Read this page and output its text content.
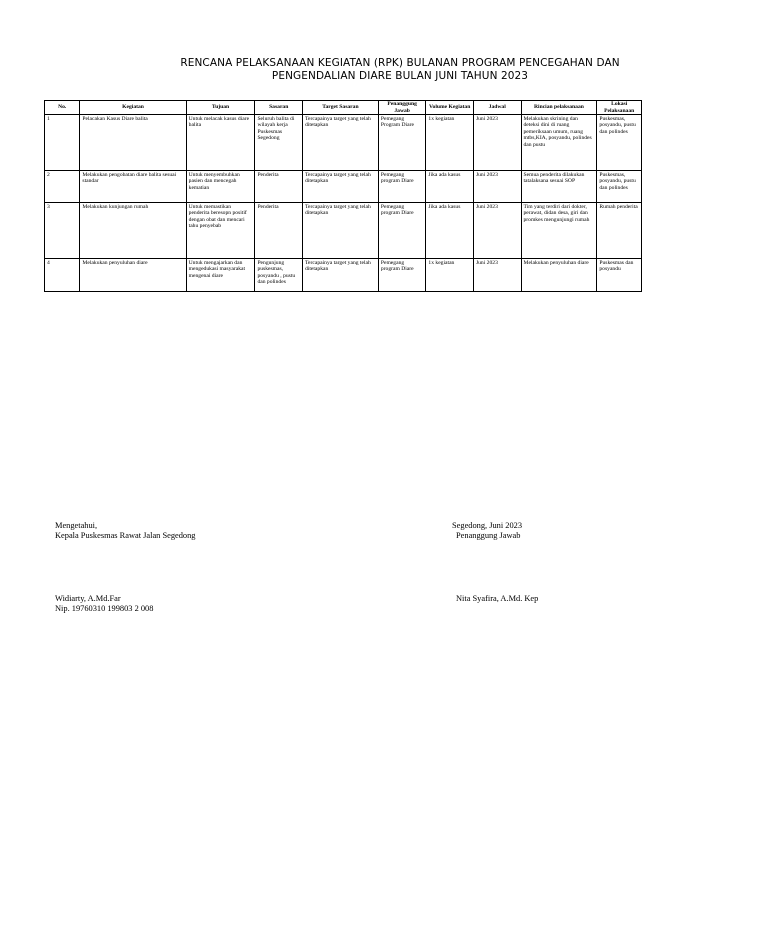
RENCANA PELAKSANAAN KEGIATAN (RPK) BULANAN PROGRAM PENCEGAHAN DAN
PENGENDALIAN DIARE BULAN JUNI TAHUN 2023
No.	Kegiatan	Tujuan	Sasaran	Target Sasaran	Penanggung Jawab	Volume Kegiatan	Jadwal	Rincian pelaksanaan	Lokasi Pelaksanaan
1	Pelacakan Kasus Diare balita	Untuk melacak kasus diare balita	Seluruh balita di wilayah kerja Puskesmas Segedong	Tercapainya target yang telah ditetapkan	Pemegang Program Diare	1x kegiatan	Juni 2023	Melakukan skrining dan deteksi dini di ruang pemeriksaan umum, ruang mtbs,KIA, posyandu, polindes dan pustu	Puskesmas, posyandu, pustu dan polindes
2	Melakukan pengobatan diare balita sesuai standar	Untuk menyembuhkan pasien dan mencegah kematian	Penderita	Tercapainya target yang telah ditetapkan	Pemegang program Diare	Jika ada kasus	Juni 2023	Semua penderita dilakukan tatalaksana sesuai SOP	Puskesmas, posyandu, pustu dan polindes
3	Melakukan kunjungan rumah	Untuk memastikan penderita beresopn positif dengan obat dan mencari tahu penyebab	Penderita	Tercapainya target yang telah ditetapkan	Pemegang program Diare	Jika ada kasus	Juni 2023	Tim yang terdiri dari dokter, perawat, didan desa, giri dan promkes mengunjungi rumah	Rumah penderita
4	Melakukan penyuluhan diare	Untuk mengajarkan dan mengedukasi masyarakat mengenai diare	Pengunjung puskesmas, posyandu , pustu dan polindes	Tercapainya target yang telah ditetapkan	Pemegang program Diare	1x kegiatan	Juni 2023	Melakukan penyuluhan diare	Puskesmas dan posyandu
Mengetahui,
Kepala Puskesmas Rawat Jalan Segedong
Widiarty, A.Md.Far
Nip. 19760310 199803 2 008
Segedong, Juni 2023
Penanggung Jawab
Nita Syafira, A.Md. Kep
